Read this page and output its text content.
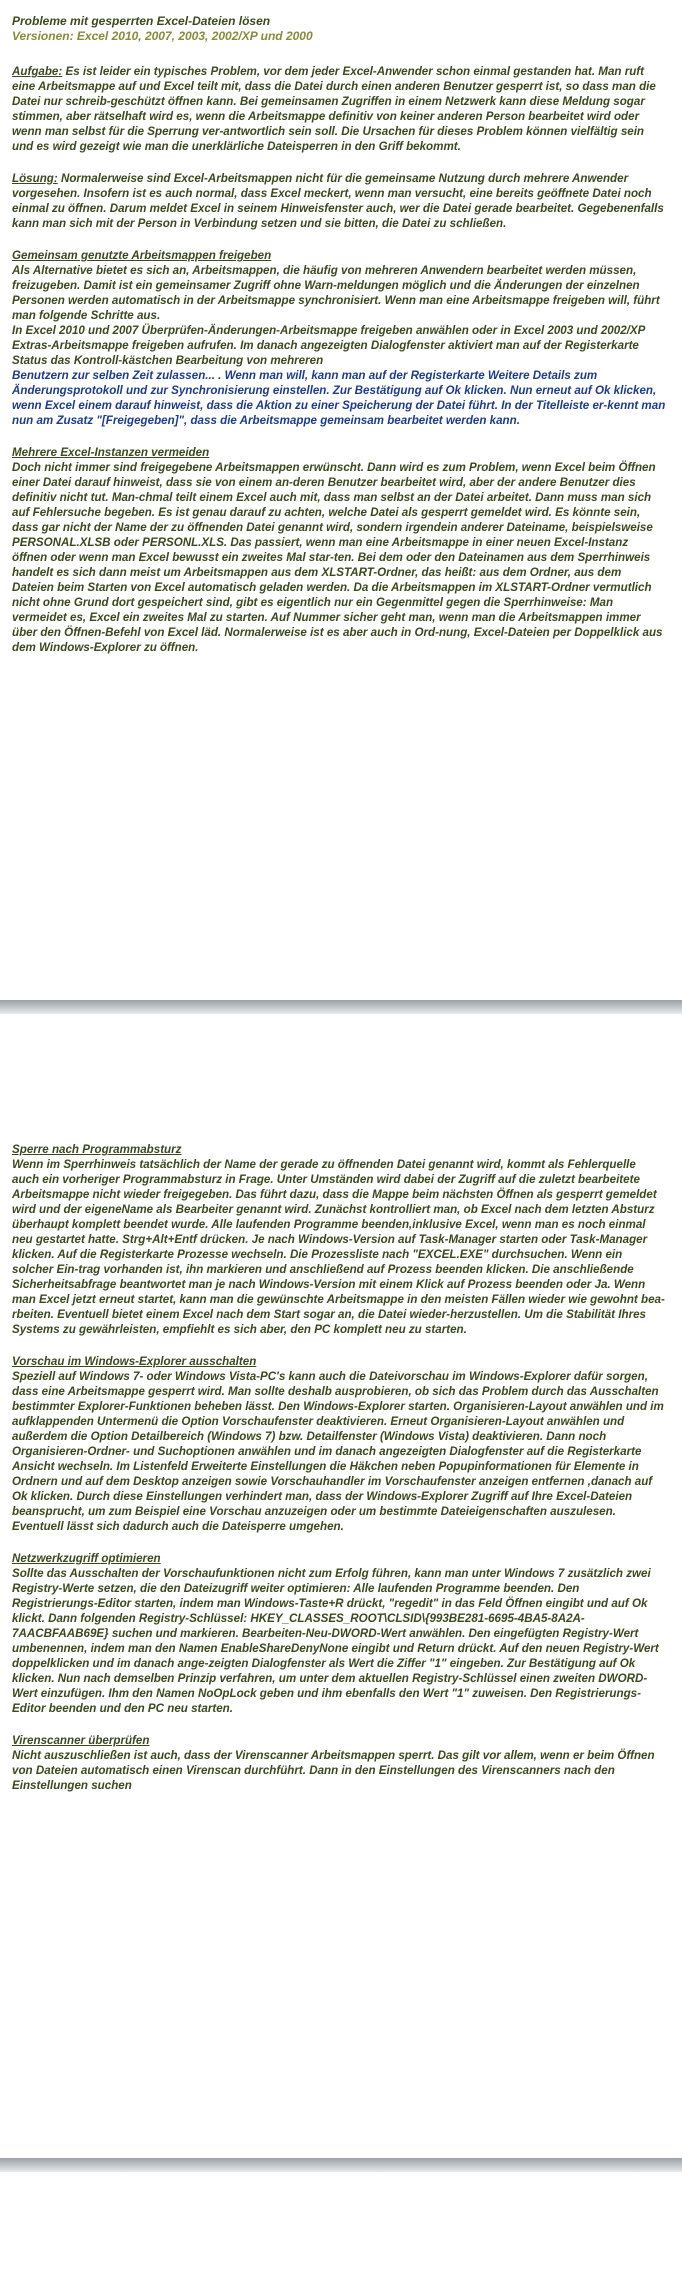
Probleme mit gesperrten Excel-Dateien lösen

Versionen: Excel 2010, 2007, 2003, 2002/XP und 2000

Aufgabe: Es ist leider ein typisches Problem, vor dem jeder Excel-Anwender schon einmal gestanden hat. Man ruft eine Arbeitsmappe auf und Excel teilt mit, dass die Datei durch einen anderen Benutzer gesperrt ist, so dass man die Datei nur schreib-geschützt öffnen kann. Bei gemeinsamen Zugriffen in einem Netzwerk kann diese Meldung sogar stimmen, aber rätselhaft wird es, wenn die Arbeitsmappe definitiv von keiner anderen Person bearbeitet wird oder wenn man selbst für die Sperrung ver-antwortlich sein soll. Die Ursachen für dieses Problem können vielfältig sein und es wird gezeigt wie man die unerklärliche Dateisperren in den Griff bekommt.

Lösung: Normalerweise sind Excel-Arbeitsmappen nicht für die gemeinsame Nutzung durch mehrere Anwender vorgesehen. Insofern ist es auch normal, dass Excel meckert, wenn man versucht, eine bereits geöffnete Datei noch einmal zu öffnen. Darum meldet Excel in seinem Hinweisfenster auch, wer die Datei gerade bearbeitet. Gegebenenfalls kann man sich mit der Person in Verbindung setzen und sie bitten, die Datei zu schließen.

Gemeinsam genutzte Arbeitsmappen freigeben

Als Alternative bietet es sich an, Arbeitsmappen, die häufig von mehreren Anwendern bearbeitet werden müssen, freizugeben. Damit ist ein gemeinsamer Zugriff ohne Warn-meldungen möglich und die Änderungen der einzelnen Personen werden automatisch in der Arbeitsmappe synchronisiert. Wenn man eine Arbeitsmappe freigeben will, führt man folgende Schritte aus.

In Excel 2010 und 2007 Überprüfen-Änderungen-Arbeitsmappe freigeben anwählen oder in Excel 2003 und 2002/XP Extras-Arbeitsmappe freigeben aufrufen. Im danach angezeigten Dialogfenster aktiviert man auf der Registerkarte Status das Kontroll-kästchen Bearbeitung von mehreren

Benutzern zur selben Zeit zulassen... . Wenn man will, kann man auf der Registerkarte Weitere Details zum Änderungsprotokoll und zur Synchronisierung einstellen. Zur Bestätigung auf Ok klicken. Nun erneut auf Ok klicken, wenn Excel einem darauf hinweist, dass die Aktion zu einer Speicherung der Datei führt. In der Titelleiste er-kennt man nun am Zusatz "[Freigegeben]", dass die Arbeitsmappe gemeinsam bearbeitet werden kann.

Mehrere Excel-Instanzen vermeiden

Doch nicht immer sind freigegebene Arbeitsmappen erwünscht. Dann wird es zum Problem, wenn Excel beim Öffnen einer Datei darauf hinweist, dass sie von einem an-deren Benutzer bearbeitet wird, aber der andere Benutzer dies definitiv nicht tut. Man-chmal teilt einem Excel auch mit, dass man selbst an der Datei arbeitet. Dann muss man sich auf Fehlersuche begeben. Es ist genau darauf zu achten, welche Datei als gesperrt gemeldet wird. Es könnte sein, dass gar nicht der Name der zu öffnenden Datei genannt wird, sondern irgendein anderer Dateiname, beispielsweise PERSONAL.XLSB oder PERSONL.XLS. Das passiert, wenn man eine Arbeitsmappe in einer neuen Excel-Instanz öffnen oder wenn man Excel bewusst ein zweites Mal star-ten. Bei dem oder den Dateinamen aus dem Sperrhinweis handelt es sich dann meist um Arbeitsmappen aus dem XLSTART-Ordner, das heißt: aus dem Ordner, aus dem Dateien beim Starten von Excel automatisch geladen werden. Da die Arbeitsmappen im XLSTART-Ordner vermutlich nicht ohne Grund dort gespeichert sind, gibt es eigentlich nur ein Gegenmittel gegen die Sperrhinweise: Man vermeidet es, Excel ein zweites Mal zu starten. Auf Nummer sicher geht man, wenn man die Arbeitsmappen immer über den Öffnen-Befehl von Excel läd. Normalerweise ist es aber auch in Ord-nung, Excel-Dateien per Doppelklick aus dem Windows-Explorer zu öffnen.

Sperre nach Programmabsturz

Wenn im Sperrhinweis tatsächlich der Name der gerade zu öffnenden Datei genannt wird, kommt als Fehlerquelle auch ein vorheriger Programmabsturz in Frage. Unter Umständen wird dabei der Zugriff auf die zuletzt bearbeitete Arbeitsmappe nicht wieder freigegeben. Das führt dazu, dass die Mappe beim nächsten Öffnen als gesperrt gemeldet wird und der eigeneName als Bearbeiter genannt wird. Zunächst kontrolliert man, ob Excel nach dem letzten Absturz überhaupt komplett beendet wurde. Alle laufenden Programme beenden,inklusive Excel, wenn man es noch einmal neu gestartet hatte. Strg+Alt+Entf drücken. Je nach Windows-Version auf Task-Manager starten oder Task-Manager klicken. Auf die Registerkarte Prozesse wechseln. Die Prozessliste nach "EXCEL.EXE" durchsuchen. Wenn ein solcher Ein-trag vorhanden ist, ihn markieren und anschließend auf Prozess beenden klicken. Die anschließende Sicherheitsabfrage beantwortet man je nach Windows-Version mit einem Klick auf Prozess beenden oder Ja. Wenn man Excel jetzt erneut startet, kann man die gewünschte Arbeitsmappe in den meisten Fällen wieder wie gewohnt bea-rbeiten. Eventuell bietet einem Excel nach dem Start sogar an, die Datei wieder-herzustellen. Um die Stabilität Ihres Systems zu gewährleisten, empfiehlt es sich aber, den PC komplett neu zu starten.

Vorschau im Windows-Explorer ausschalten

Speziell auf Windows 7- oder Windows Vista-PC's kann auch die Dateivorschau im Windows-Explorer dafür sorgen, dass eine Arbeitsmappe gesperrt wird. Man sollte deshalb ausprobieren, ob sich das Problem durch das Ausschalten bestimmter Explorer-Funktionen beheben lässt. Den Windows-Explorer starten. Organisieren-Layout anwählen und im aufklappenden Untermenü die Option Vorschaufenster deaktivieren. Erneut Organisieren-Layout anwählen und außerdem die Option Detailbereich (Windows 7) bzw. Detailfenster (Windows Vista) deaktivieren. Dann noch Organisieren-Ordner- und Suchoptionen anwählen und im danach angezeigten Dialogfenster auf die Registerkarte Ansicht wechseln. Im Listenfeld Erweiterte Einstellungen die Häkchen neben Popupinformationen für Elemente in Ordnern und auf dem Desktop anzeigen sowie Vorschauhandler im Vorschaufenster anzeigen entfernen ,danach auf Ok klicken. Durch diese Einstellungen verhindert man, dass der Windows-Explorer Zugriff auf Ihre Excel-Dateien beansprucht, um zum Beispiel eine Vorschau anzuzeigen oder um bestimmte Dateieigenschaften auszulesen. Eventuell lässt sich dadurch auch die Dateisperre umgehen.

Netzwerkzugriff optimieren

Sollte das Ausschalten der Vorschaufunktionen nicht zum Erfolg führen, kann man unter Windows 7 zusätzlich zwei Registry-Werte setzen, die den Dateizugriff weiter optimieren: Alle laufenden Programme beenden. Den Registrierungs-Editor starten, indem man Windows-Taste+R drückt, "regedit" in das Feld Öffnen eingibt und auf Ok klickt. Dann folgenden Registry-Schlüssel: HKEY_CLASSES_ROOT\CLSID\{993BE281-6695-4BA5-8A2A-7AACBFAAB69E} suchen und markieren. Bearbeiten-Neu-DWORD-Wert anwählen. Den eingefügten Registry-Wert umbenennen, indem man den Namen EnableShareDenyNone eingibt und Return drückt. Auf den neuen Registry-Wert doppelklicken und im danach ange-zeigten Dialogfenster als Wert die Ziffer "1" eingeben. Zur Bestätigung auf Ok klicken. Nun nach demselben Prinzip verfahren, um unter dem aktuellen Registry-Schlüssel einen zweiten DWORD-Wert einzufügen. Ihm den Namen NoOpLock geben und ihm ebenfalls den Wert "1" zuweisen. Den Registrierungs-Editor beenden und den PC neu starten.

Virenscanner überprüfen

Nicht auszuschließen ist auch, dass der Virenscanner Arbeitsmappen sperrt. Das gilt vor allem, wenn er beim Öffnen von Dateien automatisch einen Virenscan durchführt. Dann in den Einstellungen des Virenscanners nach den Einstellungen suchen
